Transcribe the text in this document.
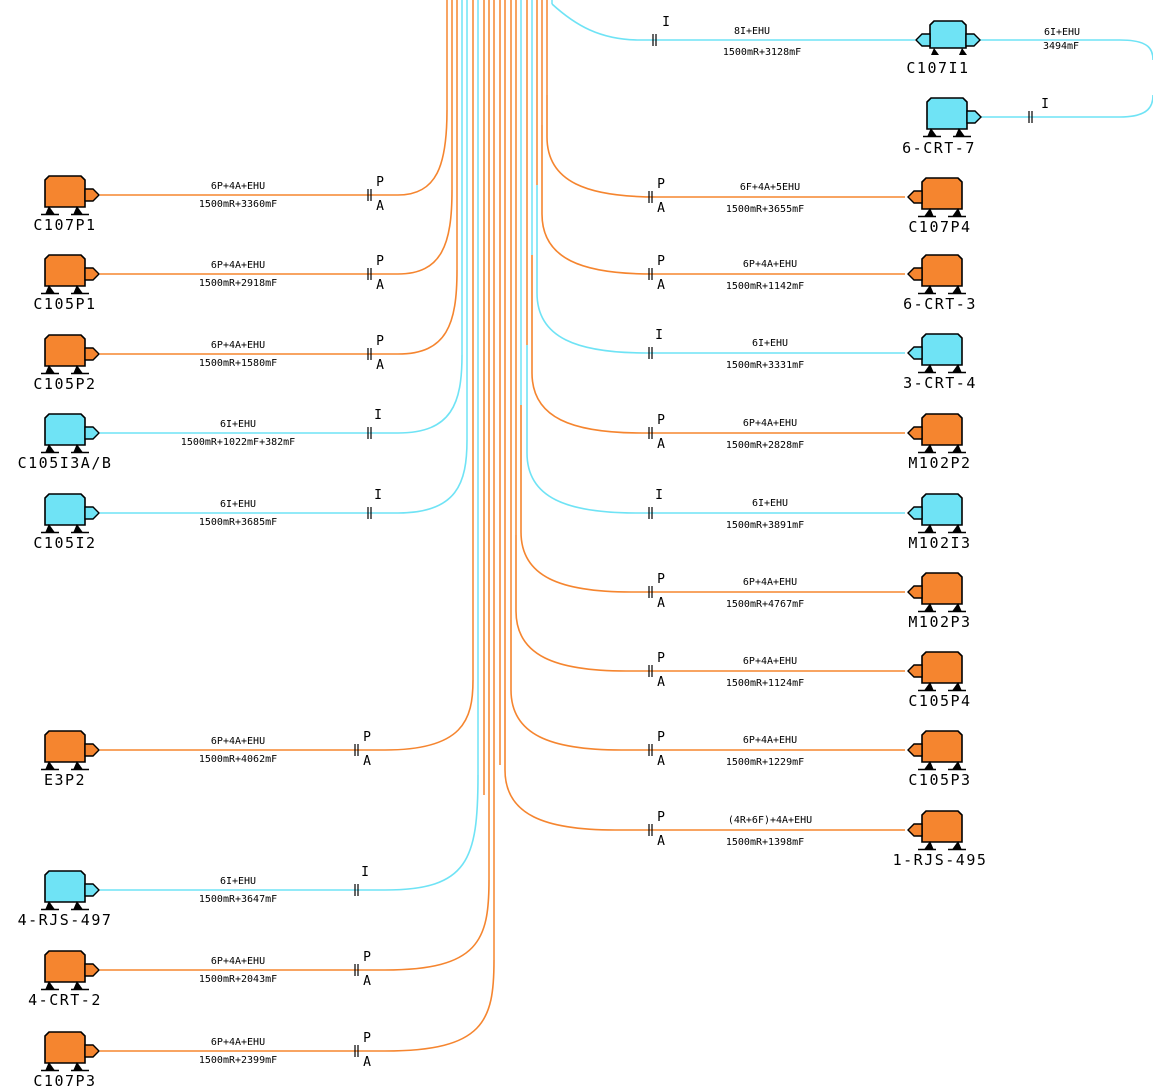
C107P1
6P+4A+EHU
1500mR+3360mF
P
A
C105P1
6P+4A+EHU
1500mR+2918mF
P
A
C105P2
6P+4A+EHU
1500mR+1580mF
P
A
C105I3A/B
6I+EHU
1500mR+1022mF+382mF
I
C105I2
6I+EHU
1500mR+3685mF
I
E3P2
6P+4A+EHU
1500mR+4062mF
P
A
4-RJS-497
6I+EHU
1500mR+3647mF
I
4-CRT-2
6P+4A+EHU
1500mR+2043mF
P
A
C107P3
6P+4A+EHU
1500mR+2399mF
P
A
C107P4
6F+4A+5EHU
1500mR+3655mF
P
A
6-CRT-3
6P+4A+EHU
1500mR+1142mF
P
A
3-CRT-4
6I+EHU
1500mR+3331mF
I
M102P2
6P+4A+EHU
1500mR+2828mF
P
A
M102I3
6I+EHU
1500mR+3891mF
I
M102P3
6P+4A+EHU
1500mR+4767mF
P
A
C105P4
6P+4A+EHU
1500mR+1124mF
P
A
C105P3
6P+4A+EHU
1500mR+1229mF
P
A
1-RJS-495
(4R+6F)+4A+EHU
1500mR+1398mF
P
A
I
8I+EHU
1500mR+3128mF
C107I1
6I+EHU
3494mF
I
6-CRT-7
